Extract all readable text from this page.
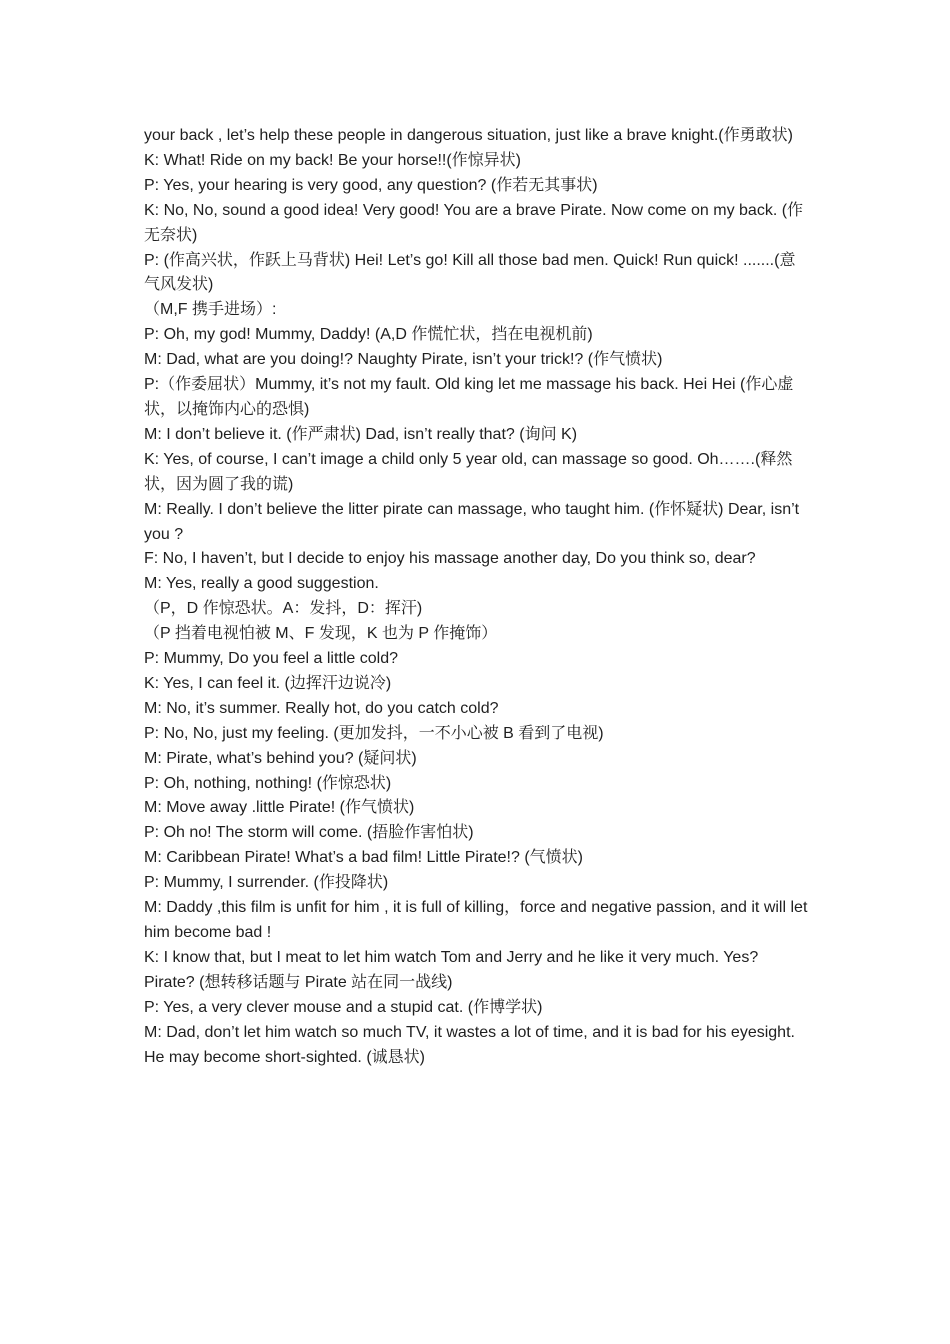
your back , let’s help these people in dangerous situation, just like a brave knight.(作勇敢状)

K: What! Ride on my back! Be your horse!!(作惊异状)

P: Yes, your hearing is very good, any question? (作若无其事状)

K: No, No, sound a good idea! Very good! You are a brave Pirate. Now come on my back. (作无奈状)

P: (作高兴状，作跃上马背状) Hei! Let’s go! Kill all those bad men. Quick! Run quick! .......(意气风发状)

（M,F 携手进场）:

P: Oh, my god! Mummy, Daddy! (A,D 作慌忙状，挡在电视机前)

M: Dad, what are you doing!? Naughty Pirate, isn’t your trick!? (作气愤状)

P:（作委屈状）Mummy, it’s not my fault. Old king let me massage his back. Hei Hei (作心虚状，以掩饰内心的恐惧)

M: I don’t believe it. (作严肃状) Dad, isn’t really that? (询问 K)

K: Yes, of course, I can’t image a child only 5 year old, can massage so good. Oh…….(释然状，因为圆了我的谎)

M: Really. I don’t believe the litter pirate can massage, who taught him. (作怀疑状) Dear, isn’t you ?

F: No, I haven’t, but I decide to enjoy his massage another day, Do you think so, dear?

M: Yes, really a good suggestion.

（P，D 作惊恐状。A：发抖，D：挥汗)

（P 挡着电视怕被 M、F 发现，K 也为 P 作掩饰）

P: Mummy, Do you feel a little cold?

K: Yes, I can feel it. (边挥汗边说冷)

M: No, it’s summer. Really hot, do you catch cold?

P: No, No, just my feeling. (更加发抖，一不小心被 B 看到了电视)

M: Pirate, what’s behind you? (疑问状)

P: Oh, nothing, nothing! (作惊恐状)

M: Move away .little Pirate! (作气愤状)

P: Oh no! The storm will come. (捂脸作害怕状)

M: Caribbean Pirate! What’s a bad film! Little Pirate!? (气愤状)

P: Mummy, I surrender. (作投降状)

M: Daddy ,this film is unfit for him , it is full of killing，force and negative passion, and it will let him become bad !

K: I know that, but I meat to let him watch Tom and Jerry and he like it very much. Yes? Pirate? (想转移话题与 Pirate 站在同一战线)

P: Yes, a very clever mouse and a stupid cat. (作博学状)

M: Dad, don’t let him watch so much TV, it wastes a lot of time, and it is bad for his eyesight. He may become short-sighted. (诚恳状)
